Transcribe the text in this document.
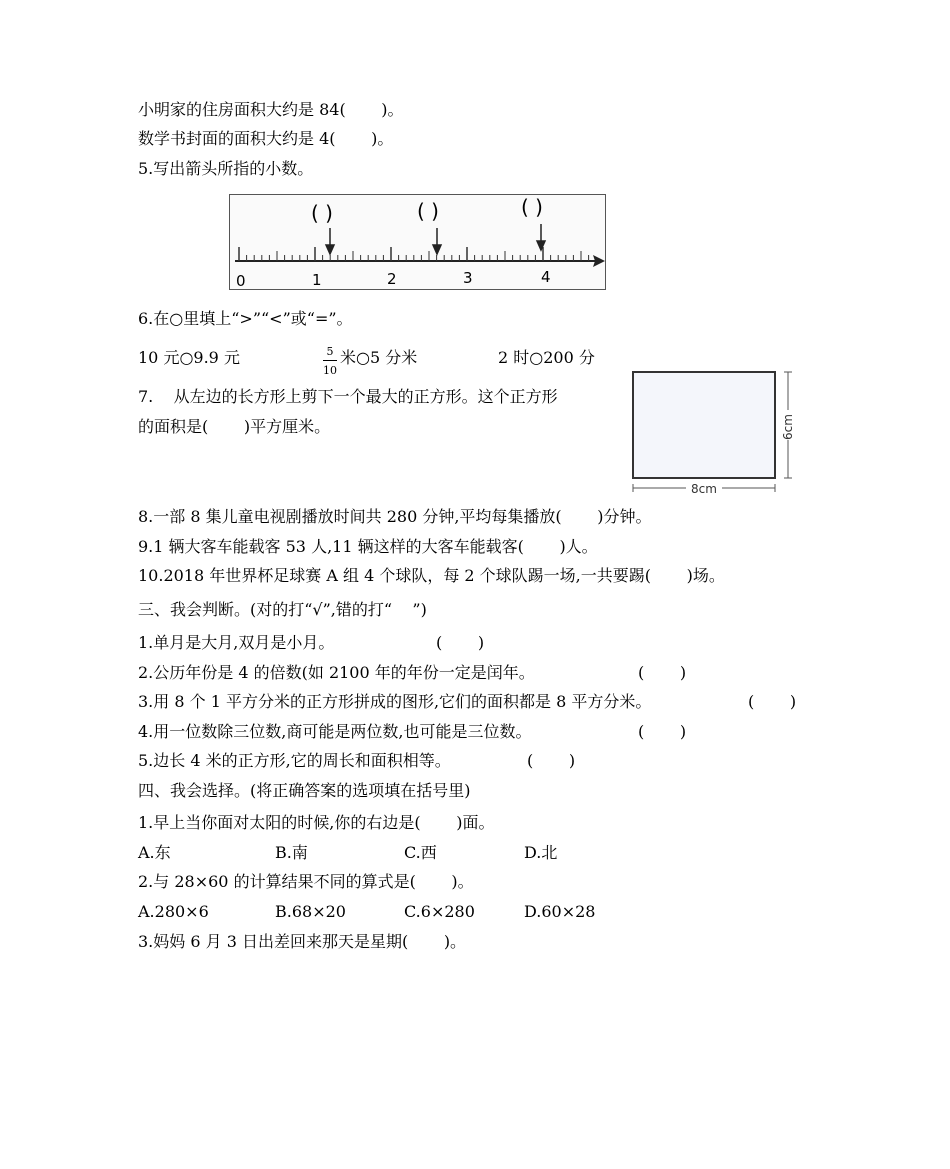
小明家的住房面积大约是 84(       )。
数学书封面的面积大约是 4(       )。
5.写出箭头所指的小数。
( )	( )	( )
0	1	2	3	4
6.在○里填上“>”“<”或“=”。
10 元○9.9 元	5
10
米○5 分米	2 时○200 分
7.    从左边的长方形上剪下一个最大的正方形。这个正方形
的面积是(       )平方厘米。
8cm
6cm
8.一部 8 集儿童电视剧播放时间共 280 分钟,平均每集播放(       )分钟。
9.1 辆大客车能载客 53 人,11 辆这样的大客车能载客(       )人。
10.2018 年世界杯足球赛 A 组 4 个球队，每 2 个球队踢一场,一共要踢(       )场。
三、我会判断。(对的打“√”,错的打“    ”)
1.单月是大月,双月是小月。	(       )
2.公历年份是 4 的倍数(如 2100 年的年份一定是闰年。	(       )
3.用 8 个 1 平方分米的正方形拼成的图形,它们的面积都是 8 平方分米。	(       )
4.用一位数除三位数,商可能是两位数,也可能是三位数。	(       )
5.边长 4 米的正方形,它的周长和面积相等。	(       )
四、我会选择。(将正确答案的选项填在括号里)
1.早上当你面对太阳的时候,你的右边是(       )面。
A.东	B.南	C.西	D.北
2.与 28×60 的计算结果不同的算式是(       )。
A.280×6	B.68×20	C.6×280	D.60×28
3.妈妈 6 月 3 日出差回来那天是星期(       )。
